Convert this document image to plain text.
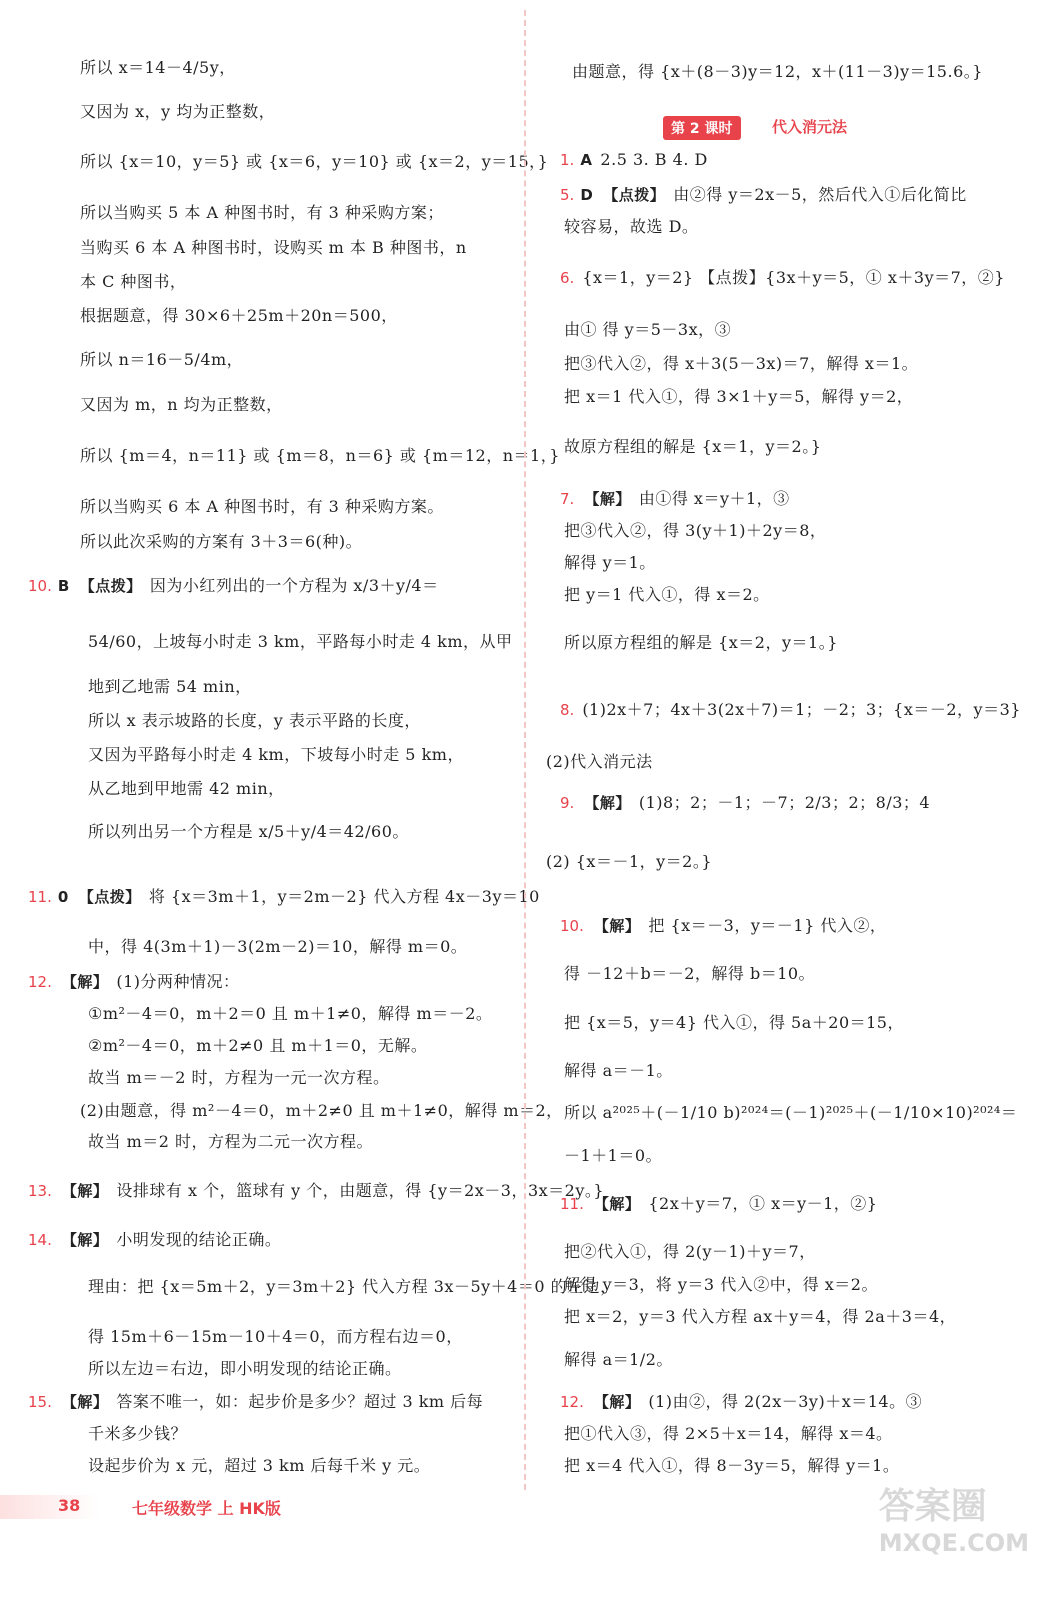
所以 x＝14－4/5y，
又因为 x，y 均为正整数，
所以 {x＝10，y＝5} 或 {x＝6，y＝10} 或 {x＝2，y＝15，}
所以当购买 5 本 A 种图书时，有 3 种采购方案；
当购买 6 本 A 种图书时，设购买 m 本 B 种图书，n
本 C 种图书，
根据题意，得 30×6＋25m＋20n＝500，
所以 n＝16－5/4m，
又因为 m，n 均为正整数，
所以 {m＝4，n＝11} 或 {m＝8，n＝6} 或 {m＝12，n＝1，}
所以当购买 6 本 A 种图书时，有 3 种采购方案。
所以此次采购的方案有 3＋3＝6(种)。
10. B 【点拨】 因为小红列出的一个方程为 x/3＋y/4＝
54/60，上坡每小时走 3 km，平路每小时走 4 km，从甲
地到乙地需 54 min，
所以 x 表示坡路的长度，y 表示平路的长度，
又因为平路每小时走 4 km，下坡每小时走 5 km，
从乙地到甲地需 42 min，
所以列出另一个方程是 x/5＋y/4＝42/60。
11. 0 【点拨】 将 {x＝3m＋1，y＝2m－2} 代入方程 4x－3y＝10
中，得 4(3m＋1)－3(2m－2)＝10，解得 m＝0。
12. 【解】 (1)分两种情况：
①m²－4＝0，m＋2＝0 且 m＋1≠0，解得 m＝－2。
②m²－4＝0，m＋2≠0 且 m＋1＝0，无解。
故当 m＝－2 时，方程为一元一次方程。
(2)由题意，得 m²－4＝0，m＋2≠0 且 m＋1≠0，解得 m＝2，
故当 m＝2 时，方程为二元一次方程。
13. 【解】 设排球有 x 个，篮球有 y 个，由题意，得 {y＝2x－3，3x＝2y。}
14. 【解】 小明发现的结论正确。
理由：把 {x＝5m＋2，y＝3m＋2} 代入方程 3x－5y＋4＝0 的左边，
得 15m＋6－15m－10＋4＝0，而方程右边＝0，
所以左边＝右边，即小明发现的结论正确。
15. 【解】 答案不唯一，如：起步价是多少？超过 3 km 后每
千米多少钱？
设起步价为 x 元，超过 3 km 后每千米 y 元。
第 2 课时	代入消元法
由题意，得 {x＋(8－3)y＝12，x＋(11－3)y＝15.6。}
1. A 2.5 3. B 4. D
5. D 【点拨】 由②得 y＝2x－5，然后代入①后化简比
较容易，故选 D。
6. {x＝1，y＝2} 【点拨】{3x＋y＝5，① x＋3y＝7，②}
由① 得 y＝5－3x，③
把③代入②，得 x＋3(5－3x)＝7，解得 x＝1。
把 x＝1 代入①，得 3×1＋y＝5，解得 y＝2，
故原方程组的解是 {x＝1，y＝2。}
7. 【解】 由①得 x＝y＋1，③
把③代入②，得 3(y＋1)＋2y＝8，
解得 y＝1。
把 y＝1 代入①，得 x＝2。
所以原方程组的解是 {x＝2，y＝1。}
8. (1)2x＋7；4x＋3(2x＋7)＝1；－2；3；{x＝－2，y＝3}
(2)代入消元法
9. 【解】 (1)8；2；－1；－7；2/3；2；8/3；4
(2) {x＝－1，y＝2。}
10. 【解】 把 {x＝－3，y＝－1} 代入②，
得 －12＋b＝－2，解得 b＝10。
把 {x＝5，y＝4} 代入①，得 5a＋20＝15，
解得 a＝－1。
所以 a²⁰²⁵＋(－1/10 b)²⁰²⁴＝(－1)²⁰²⁵＋(－1/10×10)²⁰²⁴＝
－1＋1＝0。
11. 【解】 {2x＋y＝7，① x＝y－1，②}
把②代入①，得 2(y－1)＋y＝7，
解得 y＝3，将 y＝3 代入②中，得 x＝2。
把 x＝2，y＝3 代入方程 ax＋y＝4，得 2a＋3＝4，
解得 a＝1/2。
12. 【解】 (1)由②，得 2(2x－3y)＋x＝14。③
把①代入③，得 2×5＋x＝14，解得 x＝4。
把 x＝4 代入①，得 8－3y＝5，解得 y＝1。
38	七年级数学 上 HK版	答案圈
MXQE.COM
